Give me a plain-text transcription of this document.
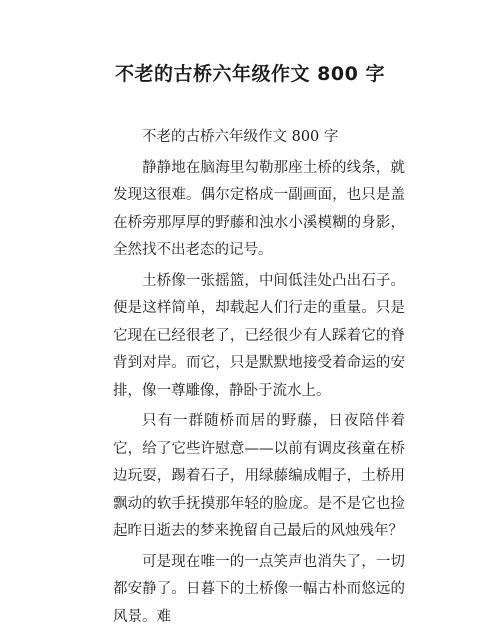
不老的古桥六年级作文 800 字

不老的古桥六年级作文 800 字

静静地在脑海里勾勒那座土桥的线条，就发现这很难。偶尔定格成一副画面，也只是盖在桥旁那厚厚的野藤和浊水小溪模糊的身影，全然找不出老态的记号。

土桥像一张摇篮，中间低洼处凸出石子。便是这样简单，却载起人们行走的重量。只是它现在已经很老了，已经很少有人踩着它的脊背到对岸。而它，只是默默地接受着命运的安排，像一尊雕像，静卧于流水上。

只有一群随桥而居的野藤，日夜陪伴着它，给了它些许慰意——以前有调皮孩童在桥边玩耍，踢着石子，用绿藤编成帽子，土桥用飘动的软手抚摸那年轻的脸庞。是不是它也捡起昨日逝去的梦来挽留自己最后的风烛残年？

可是现在唯一的一点笑声也消失了，一切都安静了。日暮下的土桥像一幅古朴而悠远的风景。难
